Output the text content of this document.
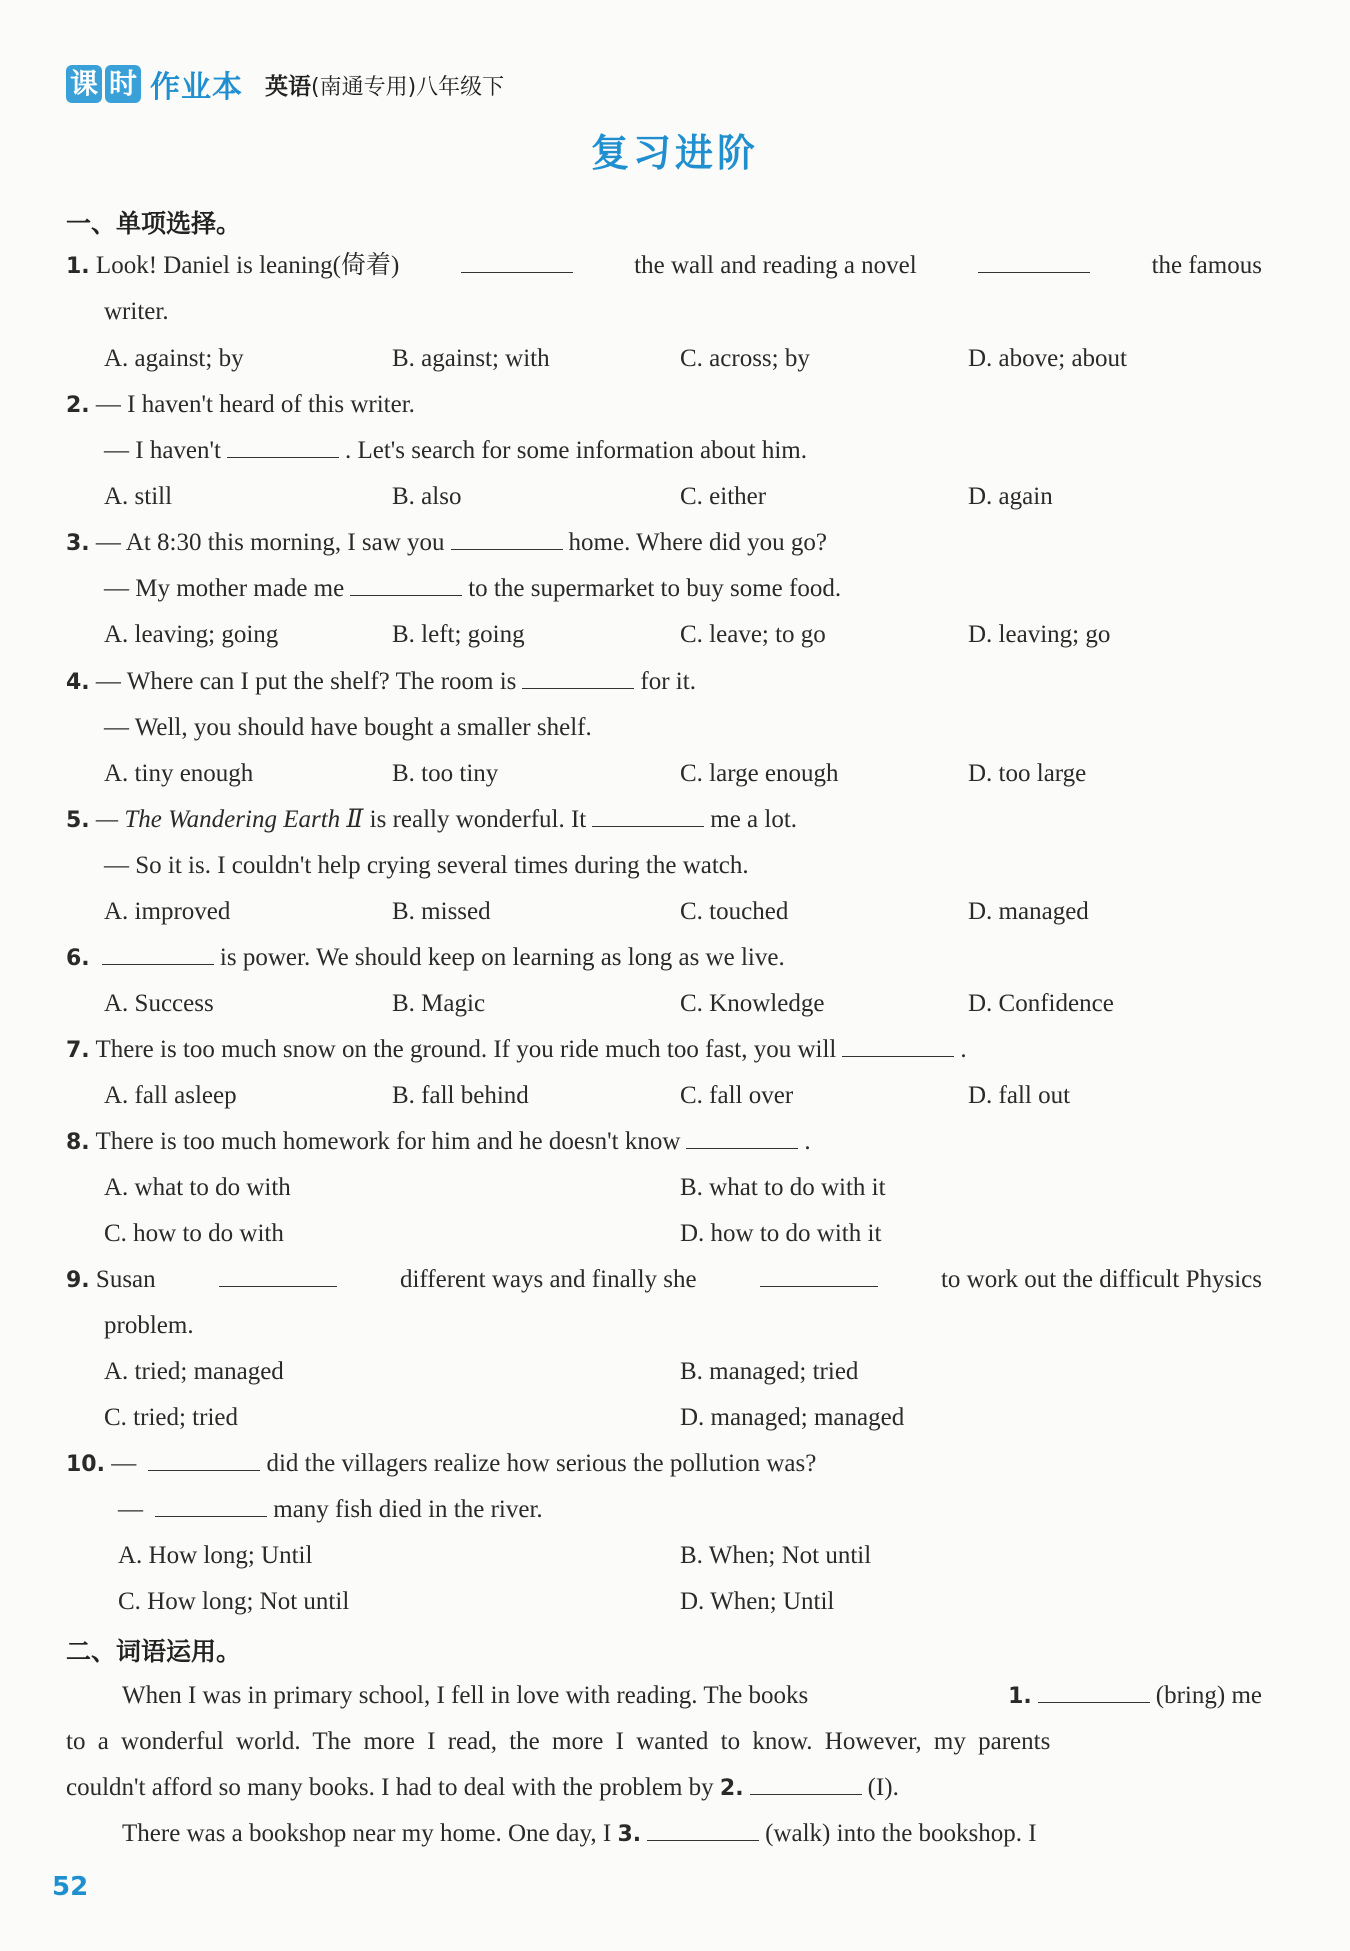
课 时 作业本 英语(南通专用)八年级下
复习进阶
一、单项选择。
1. Look! Daniel is leaning(倚着)	the wall and reading a novel	the famous
writer.
A. against; by	B. against; with	C. across; by	D. above; about
2. — I haven't heard of this writer.
— I haven't	. Let's search for some information about him.
A. still	B. also	C. either	D. again
3. — At 8:30 this morning, I saw you	home. Where did you go?
— My mother made me	to the supermarket to buy some food.
A. leaving; going	B. left; going	C. leave; to go	D. leaving; go
4. — Where can I put the shelf? The room is	for it.
— Well, you should have bought a smaller shelf.
A. tiny enough	B. too tiny	C. large enough	D. too large
5. — The Wandering Earth Ⅱ is really wonderful. It	me a lot.
— So it is. I couldn't help crying several times during the watch.
A. improved	B. missed	C. touched	D. managed
6.	is power. We should keep on learning as long as we live.
A. Success	B. Magic	C. Knowledge	D. Confidence
7. There is too much snow on the ground. If you ride much too fast, you will	.
A. fall asleep	B. fall behind	C. fall over	D. fall out
8. There is too much homework for him and he doesn't know	.
A. what to do with	B. what to do with it
C. how to do with	D. how to do with it
9. Susan	different ways and finally she	to work out the difficult Physics
problem.
A. tried; managed	B. managed; tried
C. tried; tried	D. managed; managed
10. —	did the villagers realize how serious the pollution was?
—	many fish died in the river.
A. How long; Until	B. When; Not until
C. How long; Not until	D. When; Until
二、词语运用。
When I was in primary school, I fell in love with reading. The books	1.	(bring) me
to a wonderful world. The more I read, the more I wanted to know. However, my parents
couldn't afford so many books. I had to deal with the problem by 2.	(I).
There was a bookshop near my home. One day, I 3.	(walk) into the bookshop. I
52
